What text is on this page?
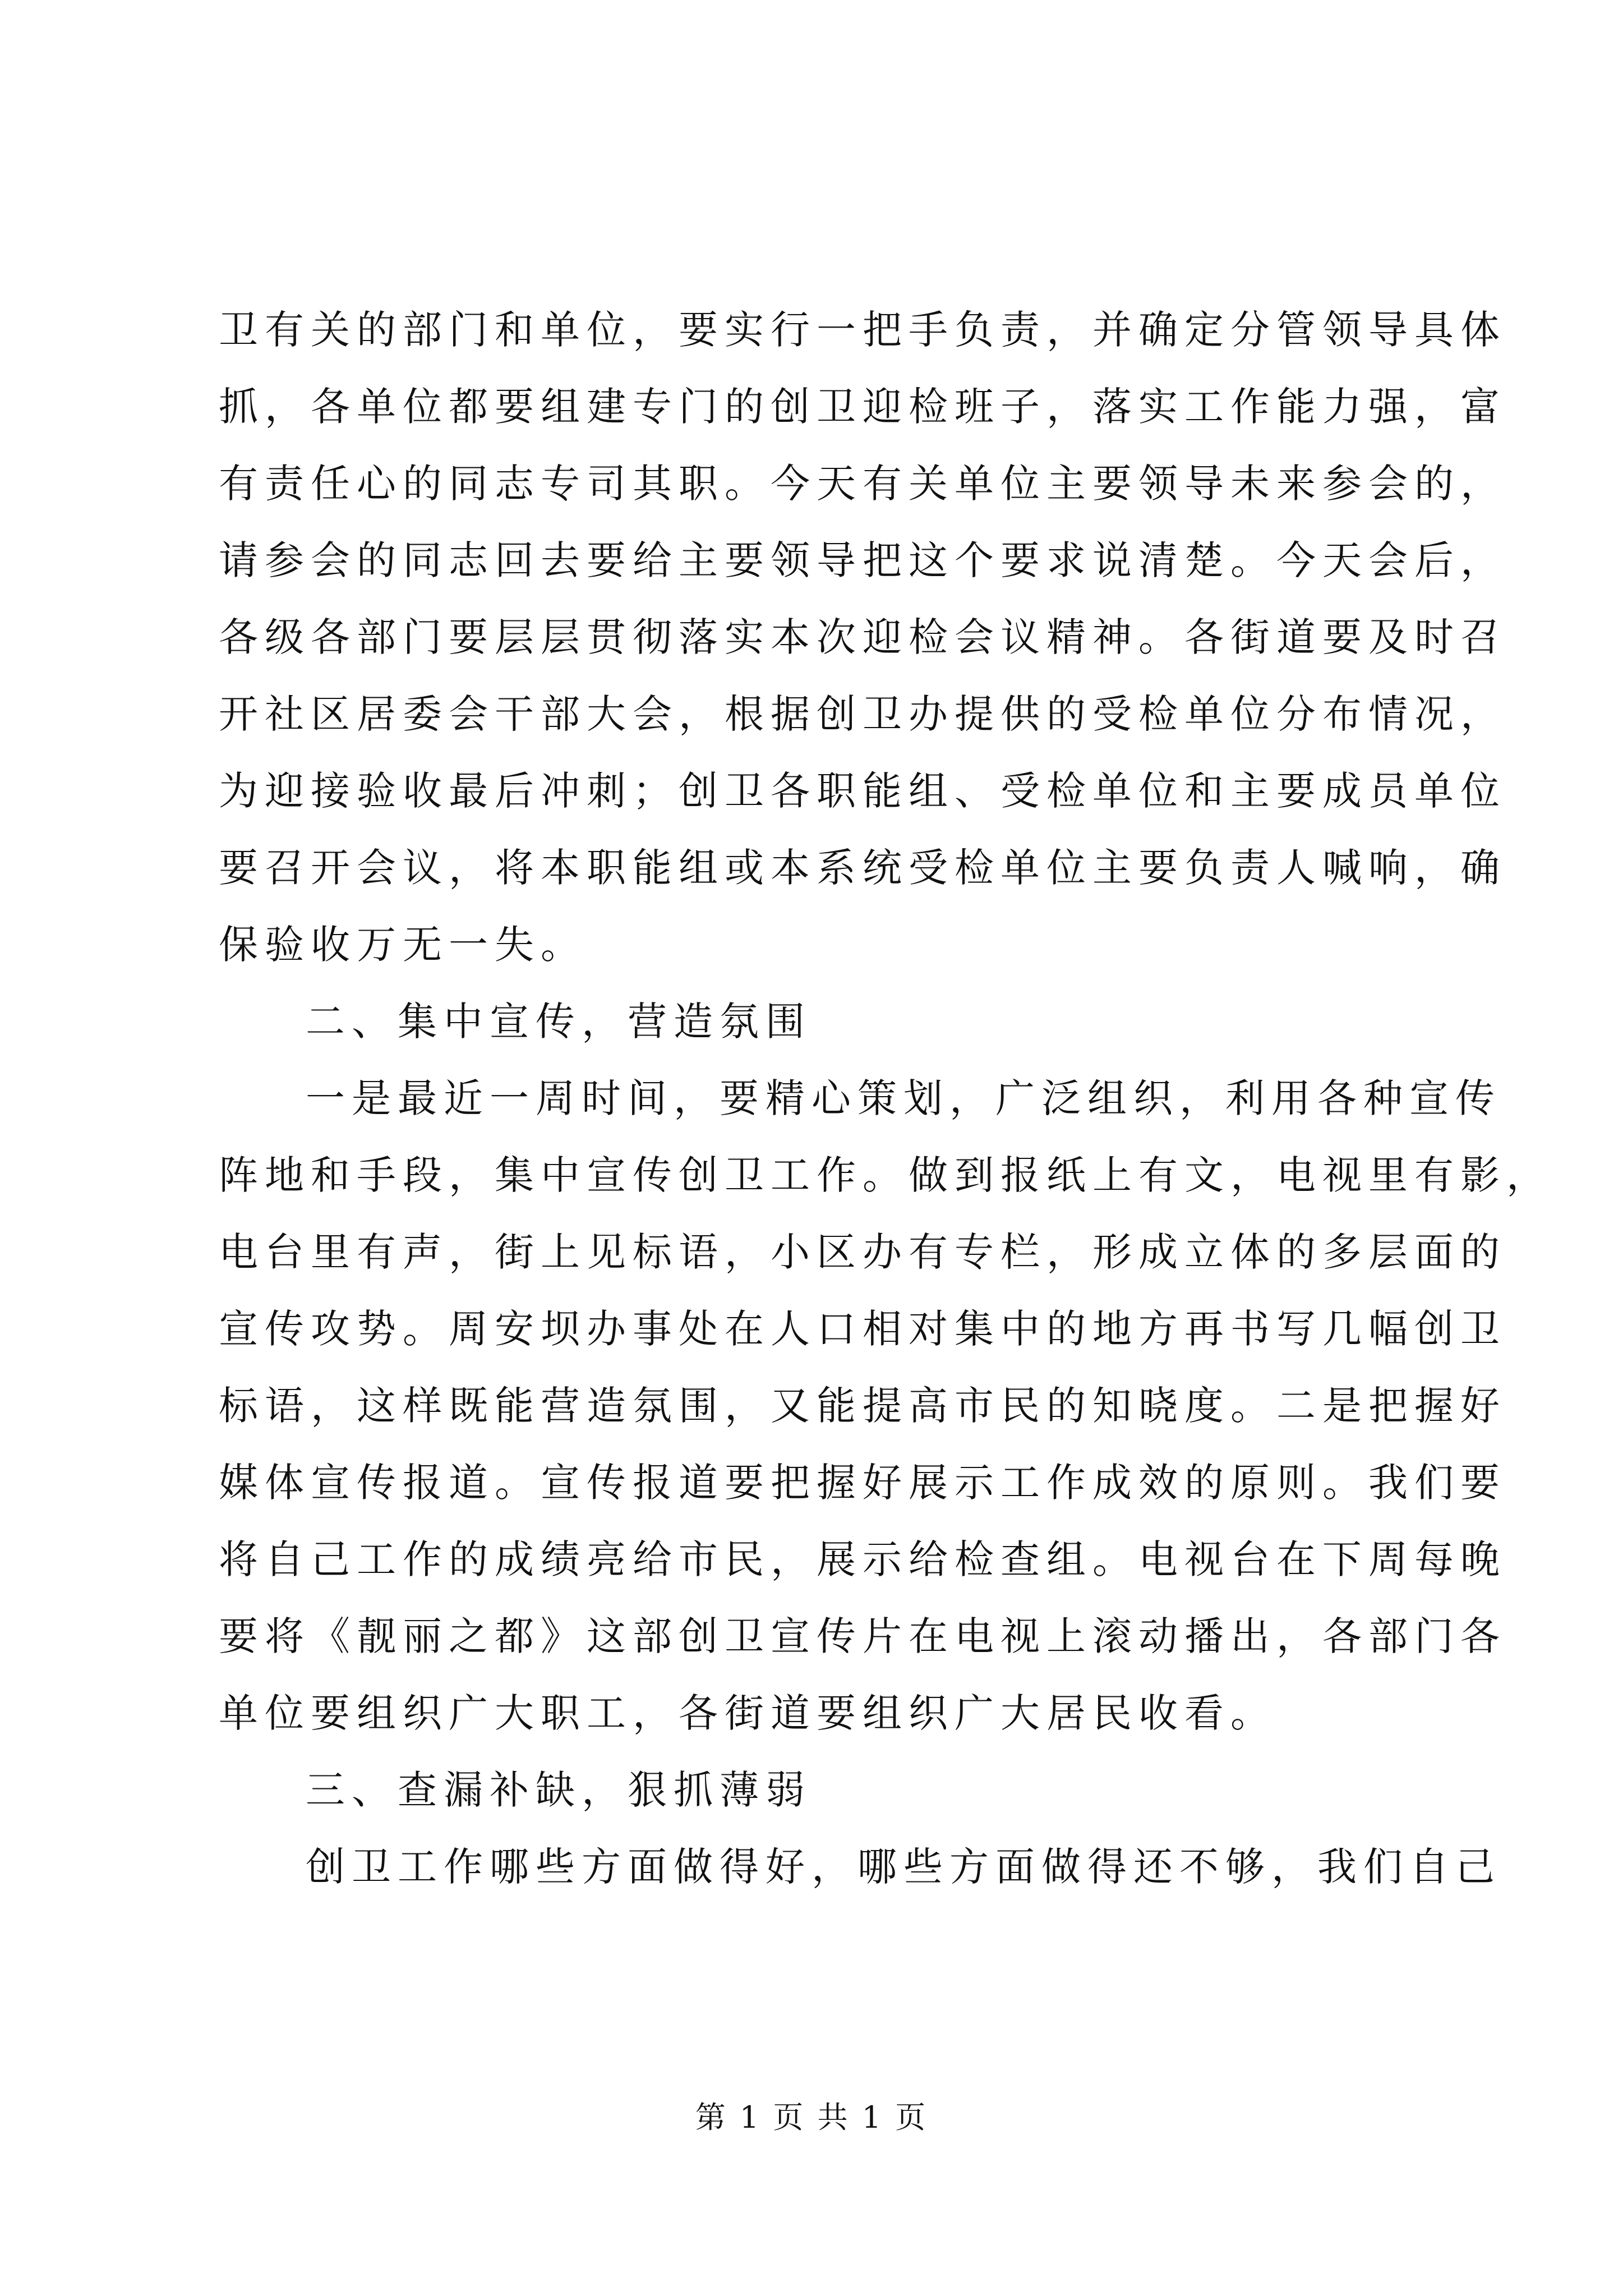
卫有关的部门和单位，要实行一把手负责，并确定分管领导具体
抓，各单位都要组建专门的创卫迎检班子，落实工作能力强，富
有责任心的同志专司其职。今天有关单位主要领导未来参会的，
请参会的同志回去要给主要领导把这个要求说清楚。今天会后，
各级各部门要层层贯彻落实本次迎检会议精神。各街道要及时召
开社区居委会干部大会，根据创卫办提供的受检单位分布情况，
为迎接验收最后冲刺；创卫各职能组、受检单位和主要成员单位
要召开会议，将本职能组或本系统受检单位主要负责人喊响，确
保验收万无一失。
二、集中宣传，营造氛围
一是最近一周时间，要精心策划，广泛组织，利用各种宣传
阵地和手段，集中宣传创卫工作。做到报纸上有文，电视里有影，
电台里有声，街上见标语，小区办有专栏，形成立体的多层面的
宣传攻势。周安坝办事处在人口相对集中的地方再书写几幅创卫
标语，这样既能营造氛围，又能提高市民的知晓度。二是把握好
媒体宣传报道。宣传报道要把握好展示工作成效的原则。我们要
将自己工作的成绩亮给市民，展示给检查组。电视台在下周每晚
要将《靓丽之都》这部创卫宣传片在电视上滚动播出，各部门各
单位要组织广大职工，各街道要组织广大居民收看。
三、查漏补缺，狠抓薄弱
创卫工作哪些方面做得好，哪些方面做得还不够，我们自己
第 1 页 共 1 页
